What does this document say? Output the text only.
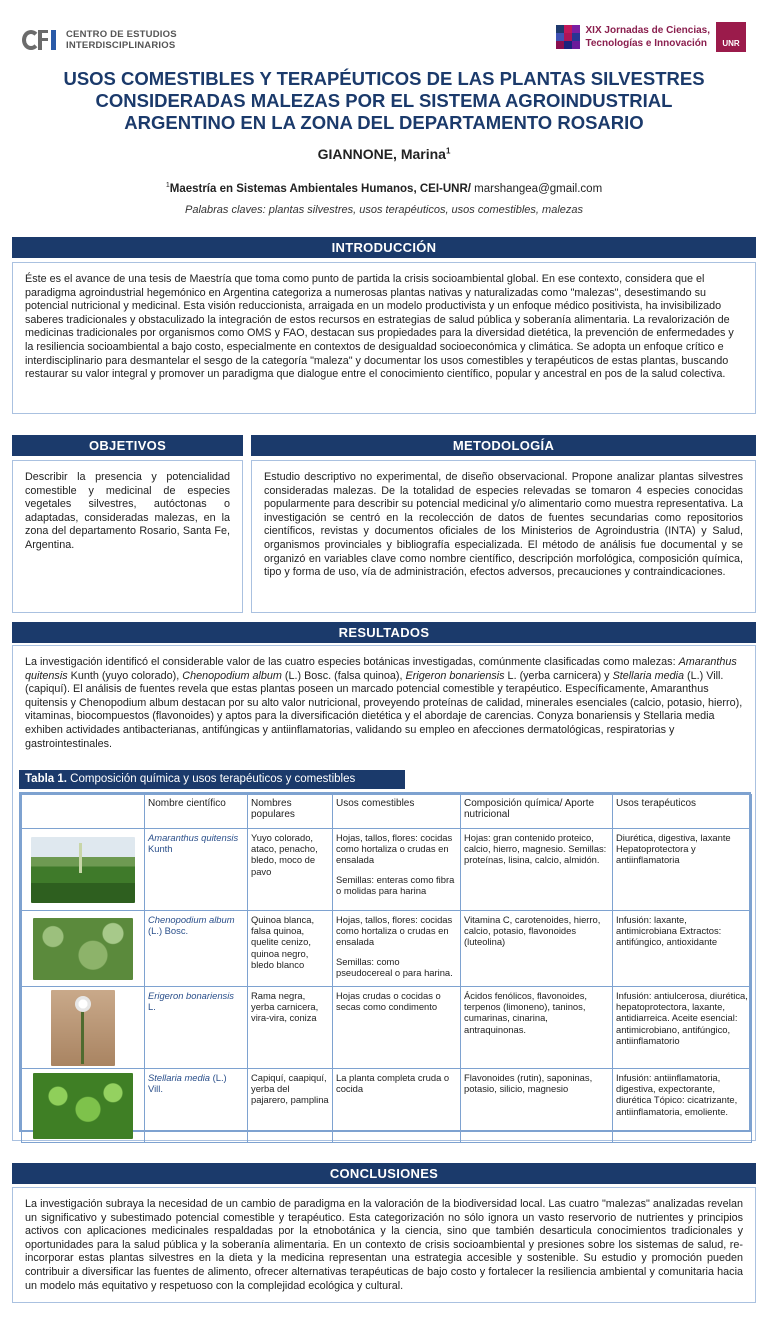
CENTRO DE ESTUDIOS
INTERDISCIPLINARIOS
XIX Jornadas de Ciencias,
Tecnologías e Innovación	UNR
USOS COMESTIBLES Y TERAPÉUTICOS DE LAS PLANTAS SILVESTRES CONSIDERADAS MALEZAS POR EL SISTEMA AGROINDUSTRIAL ARGENTINO EN LA ZONA DEL DEPARTAMENTO ROSARIO
GIANNONE, Marina$^1$
$^1$Maestría en Sistemas Ambientales Humanos, CEI-UNR/ marshangea@gmail.com
Palabras claves: plantas silvestres, usos terapéuticos, usos comestibles, malezas
INTRODUCCIÓN

Éste es el avance de una tesis de Maestría que toma como punto de partida la crisis socioambiental global. En ese contexto, considera que el paradigma agroindustrial hegemónico en Argentina categoriza a numerosas plantas nativas y naturalizadas como "malezas", desestimando su potencial nutricional y medicinal. Esta visión reduccionista, arraigada en un modelo productivista y un enfoque médico positivista, ha invisibilizado saberes tradicionales y obstaculizado la integración de estos recursos en estrategias de salud pública y soberanía alimentaria. La revalorización de medicinas tradicionales por organismos como OMS y FAO, destacan sus propiedades para la diversidad dietética, la prevención de enfermedades y la resiliencia socioambiental a bajo costo, especialmente en contextos de desigualdad socioeconómica y climática. Se adopta un enfoque crítico e interdisciplinario para desmantelar el sesgo de la categoría "maleza" y documentar los usos comestibles y terapéuticos de estas plantas, buscando restaurar su valor integral y promover un paradigma que dialogue entre el conocimiento científico, popular y ancestral en pos de la salud colectiva.

OBJETIVOS

Describir la presencia y potencialidad comestible y medicinal de especies vegetales silvestres, autóctonas o adaptadas, consideradas malezas, en la zona del departamento Rosario, Santa Fe, Argentina.

METODOLOGÍA

Estudio descriptivo no experimental, de diseño observacional. Propone analizar plantas silvestres consideradas malezas. De la totalidad de especies relevadas se tomaron 4 especies conocidas popularmente para describir su potencial medicinal y/o alimentario como muestra representativa. La investigación se centró en la recolección de datos de fuentes secundarias como repositorios científicos, revistas y documentos oficiales de los Ministerios de Agroindustria (INTA) y Salud, organismos provinciales y bibliografía especializada. El método de análisis fue documental y se organizó en variables clave como nombre científico, descripción morfológica, composición química, tipo y forma de uso, vía de administración, efectos adversos, precauciones y contraindicaciones.

RESULTADOS

La investigación identificó el considerable valor de las cuatro especies botánicas investigadas, comúnmente clasificadas como malezas: Amaranthus quitensis Kunth (yuyo colorado), Chenopodium album (L.) Bosc. (falsa quinoa), Erigeron bonariensis L. (yerba carnicera) y Stellaria media (L.) Vill. (capiquí). El análisis de fuentes revela que estas plantas poseen un marcado potencial comestible y terapéutico. Específicamente, Amaranthus quitensis y Chenopodium album destacan por su alto valor nutricional, proveyendo proteínas de calidad, minerales esenciales (calcio, potasio, hierro), vitaminas, biocompuestos (flavonoides) y aptos para la diversificación dietética y el abordaje de carencias. Conyza bonariensis y Stellaria media exhiben actividades antibacterianas, antifúngicas y antiinflamatorias, validando su empleo en afecciones dermatológicas, respiratorias y gastrointestinales.

Tabla 1. Composición química y usos terapéuticos y comestibles
	Nombre científico	Nombres populares	Usos comestibles	Composición química/ Aporte nutricional	Usos terapéuticos

	Amaranthus quitensis Kunth	Yuyo colorado, ataco, penacho, bledo, moco de pavo	Hojas, tallos, flores: cocidas como hortaliza o crudas en ensalada
Semillas: enteras como fibra o molidas para harina	Hojas: gran contenido proteico, calcio, hierro, magnesio. Semillas: proteínas, lisina, calcio, almidón.	Diurética, digestiva, laxante Hepatoprotectora y antiinflamatoria

	Chenopodium album (L.) Bosc.	Quinoa blanca, falsa quinoa, quelite cenizo, quinoa negro, bledo blanco	Hojas, tallos, flores: cocidas como hortaliza o crudas en ensalada
Semillas: como pseudocereal o para harina.	Vitamina C, carotenoides, hierro, calcio, potasio, flavonoides (luteolina)	Infusión: laxante, antimicrobiana Extractos: antifúngico, antioxidante

	Erigeron bonariensis L.	Rama negra, yerba carnicera, vira-vira, coniza	Hojas crudas o cocidas o secas como condimento	Ácidos fenólicos, flavonoides, terpenos (limoneno), taninos, cumarinas, cinarina, antraquinonas.	Infusión: antiulcerosa, diurética, hepatoprotectora, laxante, antidiarreica. Aceite esencial: antimicrobiano, antifúngico, antiinflamatorio

	Stellaria media (L.) Vill.	Capiquí, caapiquí, yerba del pajarero, pamplina	La planta completa cruda o cocida	Flavonoides (rutin), saponinas, potasio, silicio, magnesio	Infusión: antiinflamatoria, digestiva, expectorante, diurética Tópico: cicatrizante, antiinflamatoria, emoliente.
CONCLUSIONES

La investigación subraya la necesidad de un cambio de paradigma en la valoración de la biodiversidad local. Las cuatro "malezas" analizadas revelan un significativo y subestimado potencial comestible y terapéutico. Esta categorización no sólo ignora un vasto reservorio de nutrientes y principios activos con aplicaciones medicinales respaldadas por la etnobotánica y la ciencia, sino que también desarticula conocimientos tradicionales y oportunidades para la salud pública y la soberanía alimentaria. En un contexto de crisis socioambiental y presiones sobre los sistemas de salud, re-incorporar estas plantas silvestres en la dieta y la medicina representan una estrategia accesible y sostenible. Su estudio y promoción pueden contribuir a diversificar las fuentes de alimento, ofrecer alternativas terapéuticas de bajo costo y fortalecer la resiliencia ambiental y comunitaria hacia un modelo más equitativo y respetuoso con la complejidad ecológica y cultural.
